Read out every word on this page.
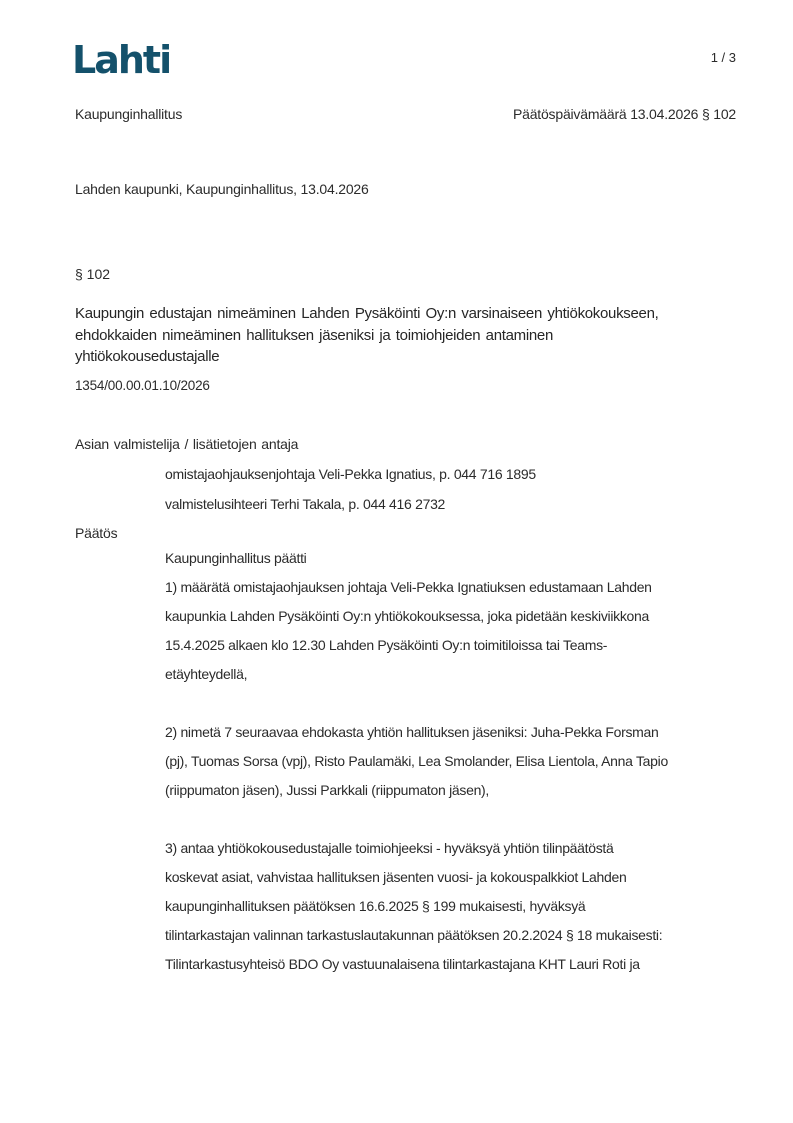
Lahti	1 / 3
Kaupunginhallitus	Päätöspäivämäärä 13.04.2026 § 102
Lahden kaupunki, Kaupunginhallitus, 13.04.2026
§ 102
Kaupungin edustajan nimeäminen Lahden Pysäköinti Oy:n varsinaiseen yhtiökokoukseen,
ehdokkaiden nimeäminen hallituksen jäseniksi ja toimiohjeiden antaminen
yhtiökokousedustajalle
1354/00.00.01.10/2026
Asian valmistelija / lisätietojen antaja
omistajaohjauksenjohtaja Veli-Pekka Ignatius, p. 044 716 1895
valmistelusihteeri Terhi Takala, p. 044 416 2732
Päätös
Kaupunginhallitus päätti
1) määrätä omistajaohjauksen johtaja Veli-Pekka Ignatiuksen edustamaan Lahden
kaupunkia Lahden Pysäköinti Oy:n yhtiökokouksessa, joka pidetään keskiviikkona
15.4.2025 alkaen klo 12.30 Lahden Pysäköinti Oy:n toimitiloissa tai Teams-
etäyhteydellä,
2) nimetä 7 seuraavaa ehdokasta yhtiön hallituksen jäseniksi: Juha-Pekka Forsman
(pj), Tuomas Sorsa (vpj), Risto Paulamäki, Lea Smolander, Elisa Lientola, Anna Tapio
(riippumaton jäsen), Jussi Parkkali (riippumaton jäsen),
3) antaa yhtiökokousedustajalle toimiohjeeksi - hyväksyä yhtiön tilinpäätöstä
koskevat asiat, vahvistaa hallituksen jäsenten vuosi- ja kokouspalkkiot Lahden
kaupunginhallituksen päätöksen 16.6.2025 § 199 mukaisesti, hyväksyä
tilintarkastajan valinnan tarkastuslautakunnan päätöksen 20.2.2024 § 18 mukaisesti:
Tilintarkastusyhteisö BDO Oy vastuunalaisena tilintarkastajana KHT Lauri Roti ja
